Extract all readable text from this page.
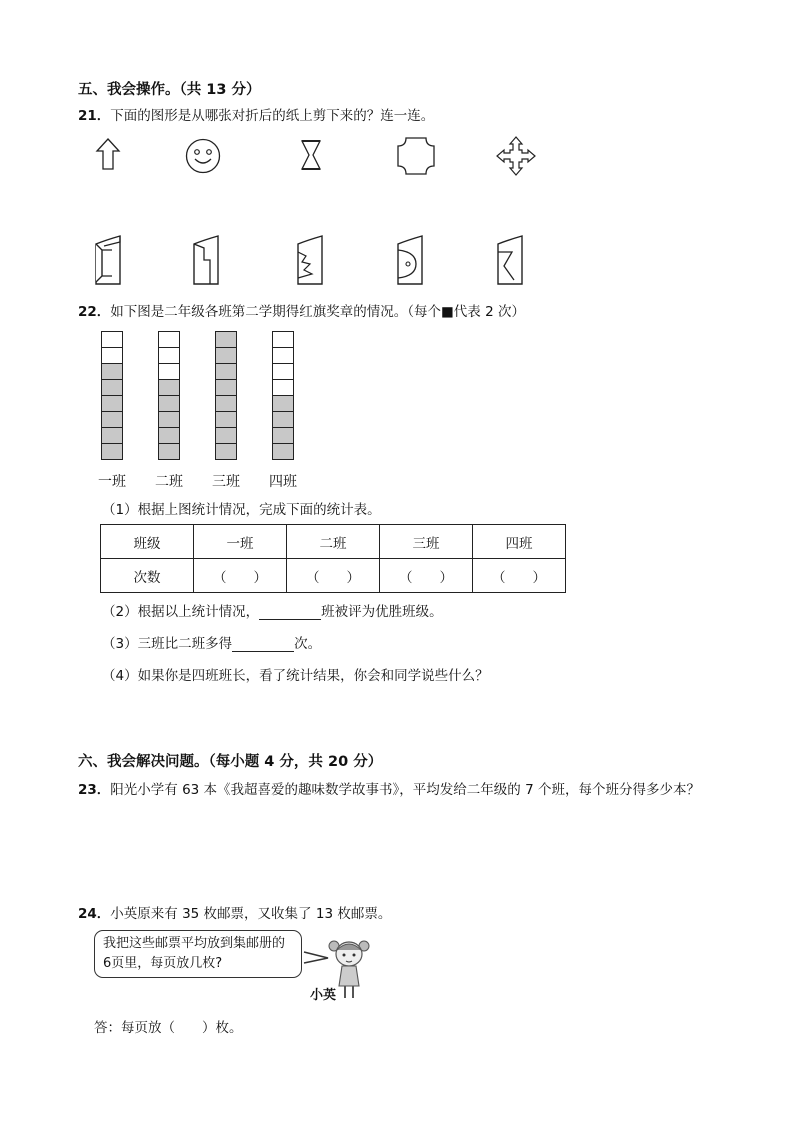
五、我会操作。（共 13 分）
21．下面的图形是从哪张对折后的纸上剪下来的？连一连。
22．如下图是二年级各班第二学期得红旗奖章的情况。（每个■代表 2 次）
一班	二班	三班	四班
（1）根据上图统计情况，完成下面的统计表。
班级	一班	二班	三班	四班
次数	（　　）	（　　）	（　　）	（　　）
（2）根据以上统计情况，	班被评为优胜班级。
（3）三班比二班多得	次。
（4）如果你是四班班长，看了统计结果，你会和同学说些什么？
六、我会解决问题。（每小题 4 分，共 20 分）
23．阳光小学有 63 本《我超喜爱的趣味数学故事书》，平均发给二年级的 7 个班，每个班分得多少本？
24．小英原来有 35 枚邮票，又收集了 13 枚邮票。
我把这些邮票平均放到集邮册的6页里，每页放几枚?
小英
答：每页放（　　）枚。
